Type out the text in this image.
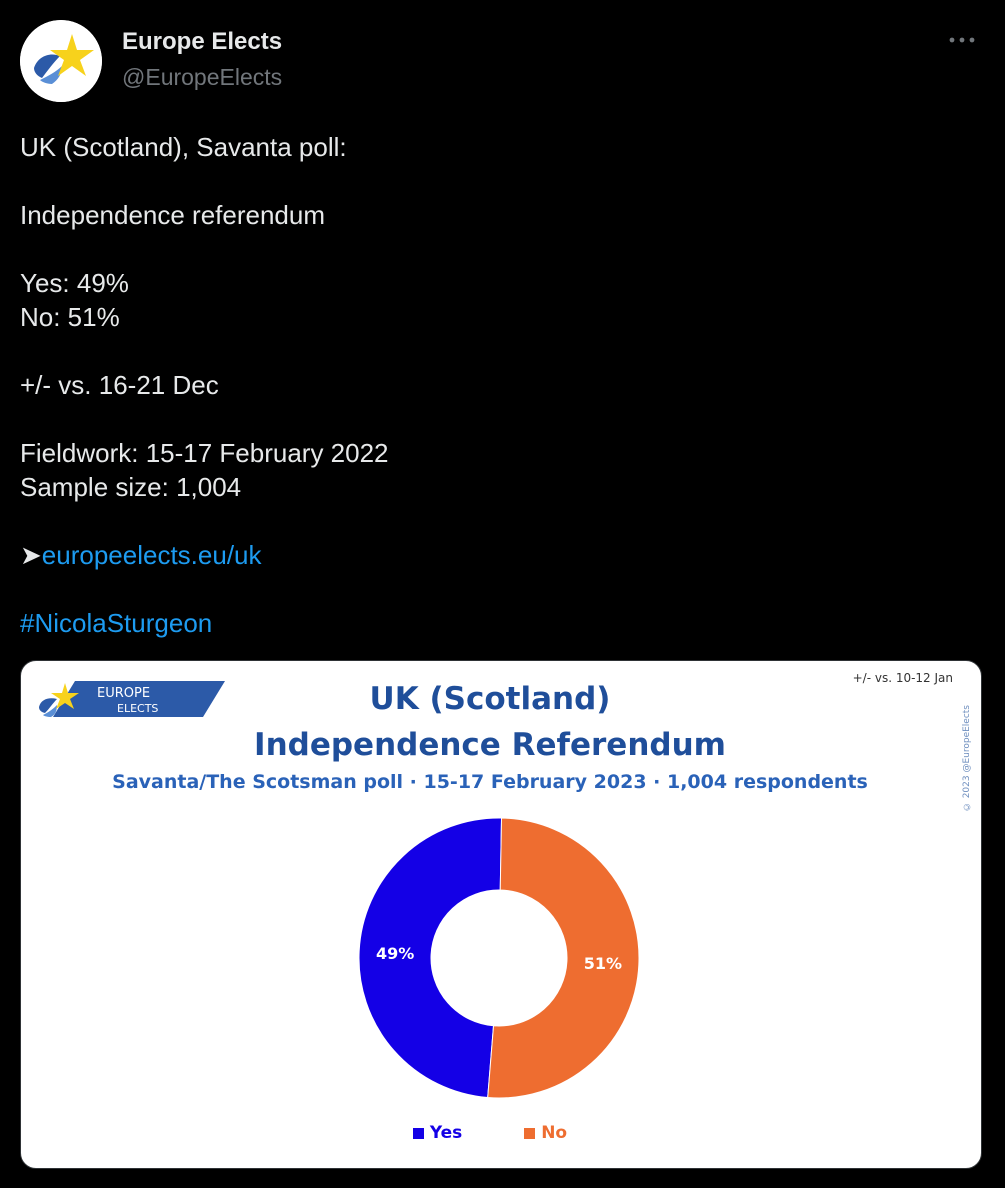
Europe Elects
@EuropeElects
UK (Scotland), Savanta poll:
Independence referendum
Yes: 49%
No: 51%
+/- vs. 16-21 Dec
Fieldwork: 15-17 February 2022
Sample size: 1,004
➤europeelects.eu/uk
#NicolaSturgeon
EUROPE
ELECTS
+/- vs. 10-12 Jan
© 2023 @EuropeElects
UK (Scotland)
Independence Referendum
Savanta/The Scotsman poll · 15-17 February 2023 · 1,004 respondents
49%
51%
Yes	No
